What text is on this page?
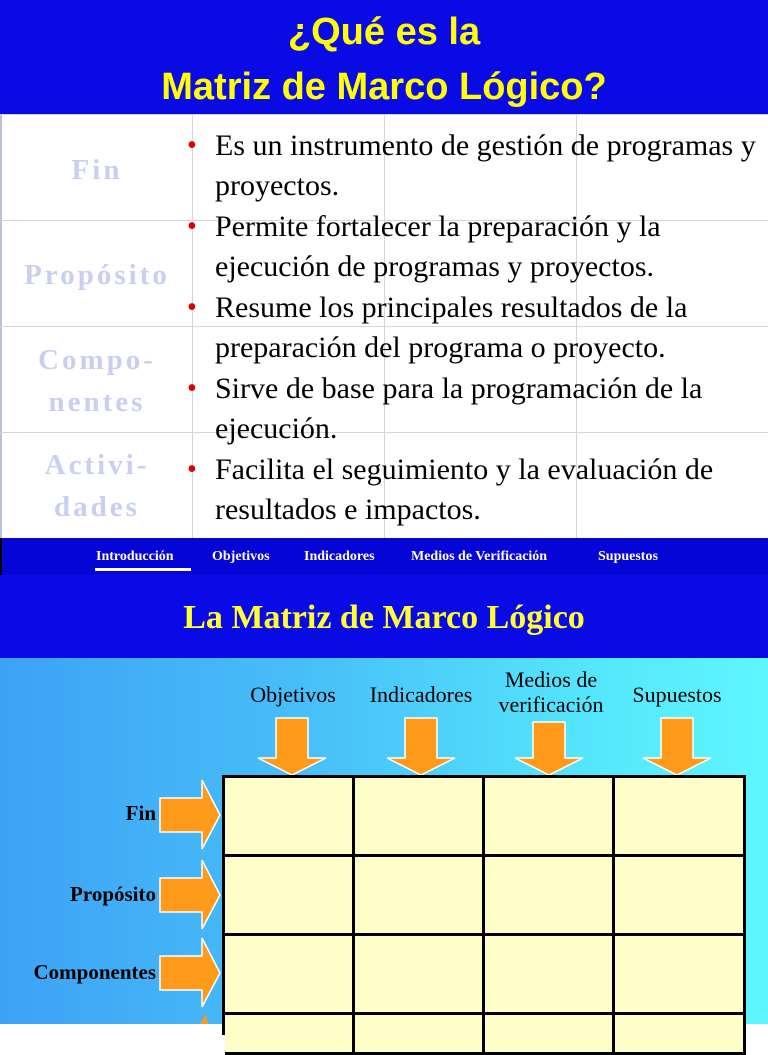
¿Qué es la
Matriz de Marco Lógico?
Fin
Propósito
Compo-
nentes
Activi-
dades
• Es un instrumento de gestión de programas y proyectos.
• Permite fortalecer la preparación y la ejecución de programas y proyectos.
• Resume los principales resultados de la preparación del programa o proyecto.
• Sirve de base para la programación de la ejecución.
• Facilita el seguimiento y la evaluación de resultados e impactos.
Introducción	Objetivos Indicadores	Medios de Verificación	Supuestos
La Matriz de Marco Lógico
Objetivos	Indicadores
Medios de
verificación	Supuestos
Fin
Propósito
Componentes
